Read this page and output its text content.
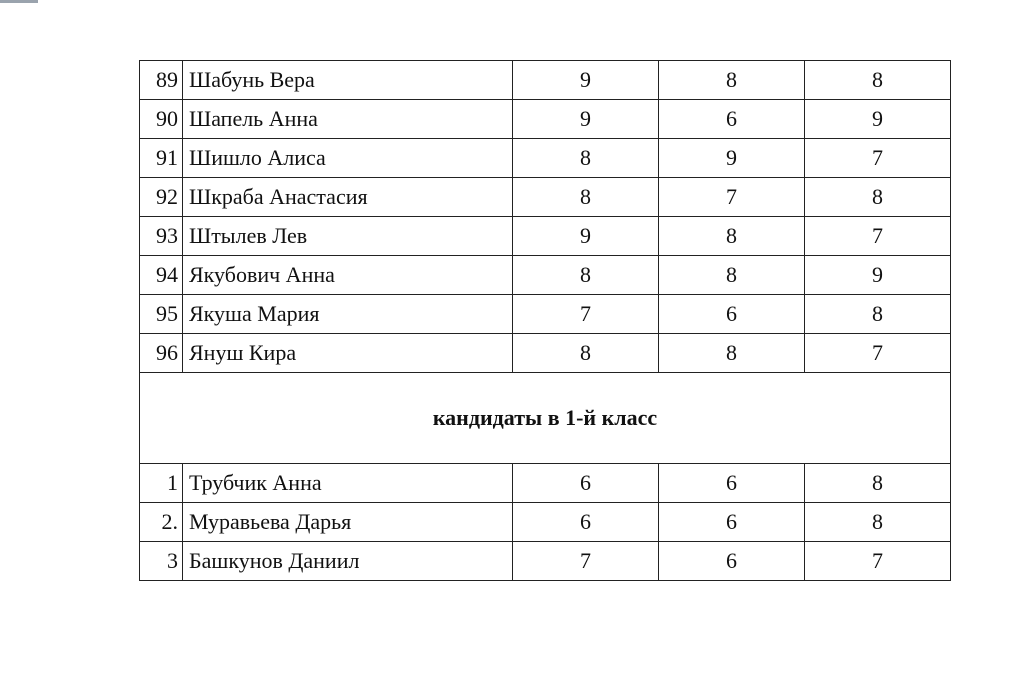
89	Шабунь Вера	9	8	8
90	Шапель Анна	9	6	9
91	Шишло Алиса	8	9	7
92	Шкраба Анастасия	8	7	8
93	Штылев Лев	9	8	7
94	Якубович Анна	8	8	9
95	Якуша Мария	7	6	8
96	Януш Кира	8	8	7
кандидаты в 1-й класс				
1	Трубчик Анна	6	6	8
2.	Муравьева Дарья	6	6	8
3	Башкунов Даниил	7	6	7
